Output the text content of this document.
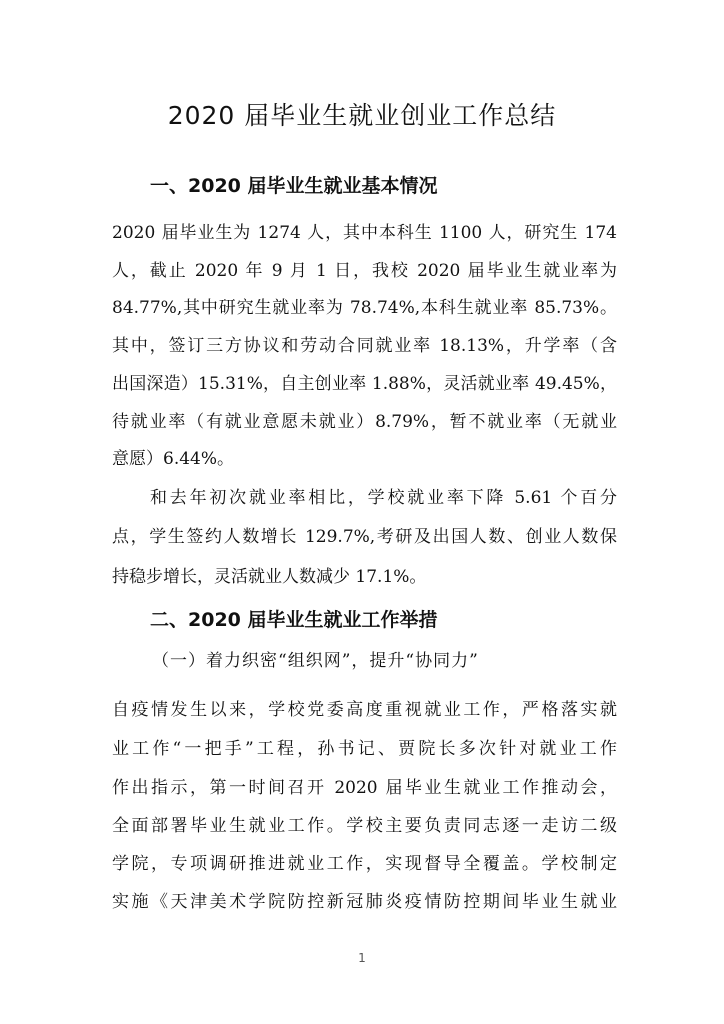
2020 届毕业生就业创业工作总结
一、2020 届毕业生就业基本情况
2020 届毕业生为 1274 人，其中本科生 1100 人，研究生 174
人，截止 2020 年 9 月 1 日，我校 2020 届毕业生就业率为
84.77%,其中研究生就业率为 78.74%,本科生就业率 85.73%。
其中，签订三方协议和劳动合同就业率 18.13%，升学率（含
出国深造）15.31%，自主创业率 1.88%，灵活就业率 49.45%，
待就业率（有就业意愿未就业）8.79%，暂不就业率（无就业
意愿）6.44%。
和去年初次就业率相比，学校就业率下降 5.61 个百分
点，学生签约人数增长 129.7%,考研及出国人数、创业人数保
持稳步增长，灵活就业人数减少 17.1%。
二、2020 届毕业生就业工作举措
（一）着力织密“组织网”，提升“协同力”
自疫情发生以来，学校党委高度重视就业工作，严格落实就
业工作“一把手”工程，孙书记、贾院长多次针对就业工作
作出指示，第一时间召开 2020 届毕业生就业工作推动会，
全面部署毕业生就业工作。学校主要负责同志逐一走访二级
学院，专项调研推进就业工作，实现督导全覆盖。学校制定
实施《天津美术学院防控新冠肺炎疫情防控期间毕业生就业
1
